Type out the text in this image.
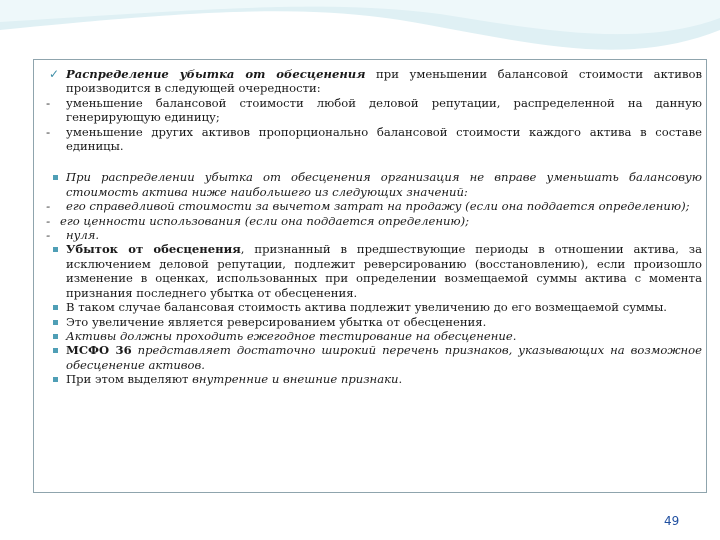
✓ Распределение убытка от обесценения при уменьшении балансовой стоимости активов производится в следующей очередности:
-	уменьшение балансовой стоимости любой деловой репутации, распределенной на данную генерирующую единицу;
-	уменьшение других активов пропорционально балансовой стоимости каждого актива в составе единицы.
При распределении убытка от обесценения организация не вправе уменьшать балансовую стоимость актива ниже наибольшего из следующих значений:
-	его справедливой стоимости за вычетом затрат на продажу (если она поддается определению);
- его ценности использования (если она поддается определению);
-	нуля.
Убыток от обесценения, признанный в предшествующие периоды в отношении актива, за исключением деловой репутации, подлежит реверсированию (восстановлению), если произошло изменение в оценках, использованных при определении возмещаемой суммы актива с момента признания последнего убытка от обесценения.
В таком случае балансовая стоимость актива подлежит увеличению до его возмещаемой суммы.
Это увеличение является реверсированием убытка от обесценения.
Активы должны проходить ежегодное тестирование на обесценение.
МСФО 36 представляет достаточно широкий перечень признаков, указывающих на возможное обесценение активов.
При этом выделяют внутренние и внешние признаки.
49
